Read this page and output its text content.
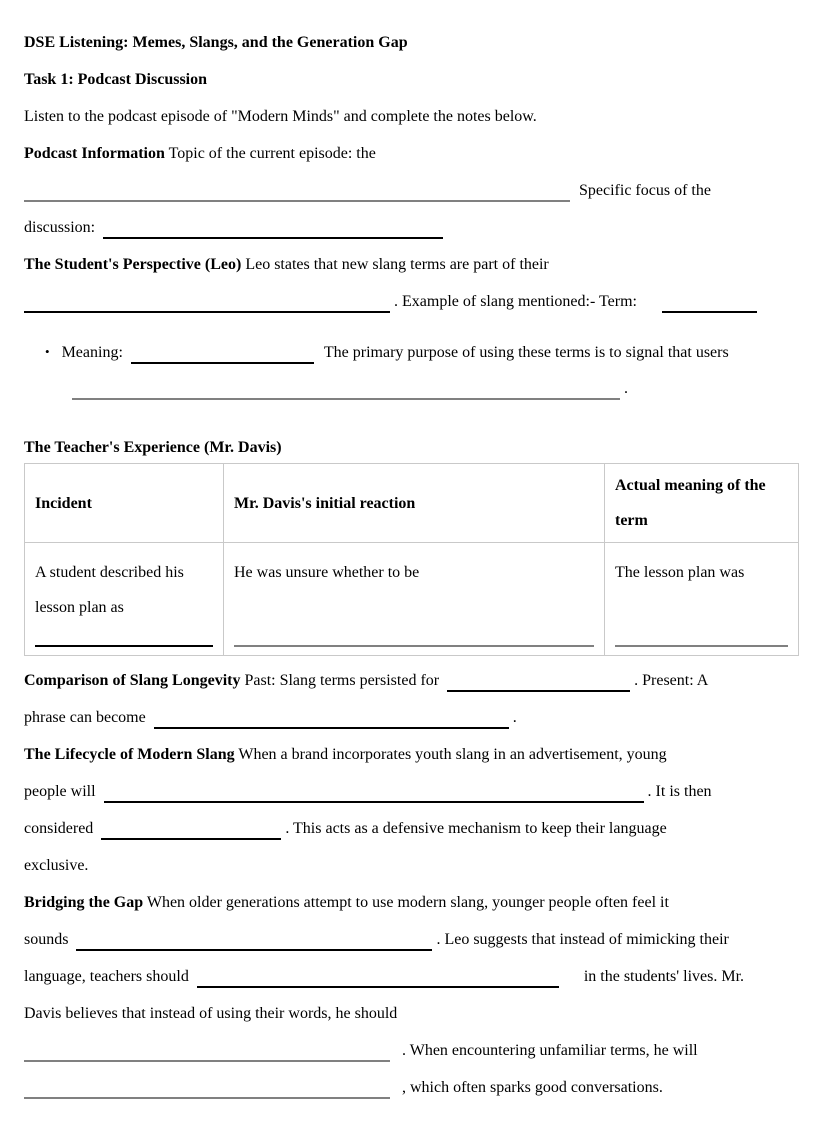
DSE Listening: Memes, Slangs, and the Generation Gap
Task 1: Podcast Discussion
Listen to the podcast episode of "Modern Minds" and complete the notes below.
Podcast Information Topic of the current episode: the
Specific focus of the
discussion:
The Student's Perspective (Leo) Leo states that new slang terms are part of their
. Example of slang mentioned:- Term:
• Meaning:	The primary purpose of using these terms is to signal that users
.
The Teacher's Experience (Mr. Davis)
Incident	Mr. Davis's initial reaction	Actual meaning of the term

A student described his lesson plan as	He was unsure whether to be	The lesson plan was
Comparison of Slang Longevity Past: Slang terms persisted for	. Present: A
phrase can become	.
The Lifecycle of Modern Slang When a brand incorporates youth slang in an advertisement, young
people will	. It is then
considered	. This acts as a defensive mechanism to keep their language
exclusive.
Bridging the Gap When older generations attempt to use modern slang, younger people often feel it
sounds	. Leo suggests that instead of mimicking their
language, teachers should	in the students' lives. Mr.
Davis believes that instead of using their words, he should
. When encountering unfamiliar terms, he will
, which often sparks good conversations.
